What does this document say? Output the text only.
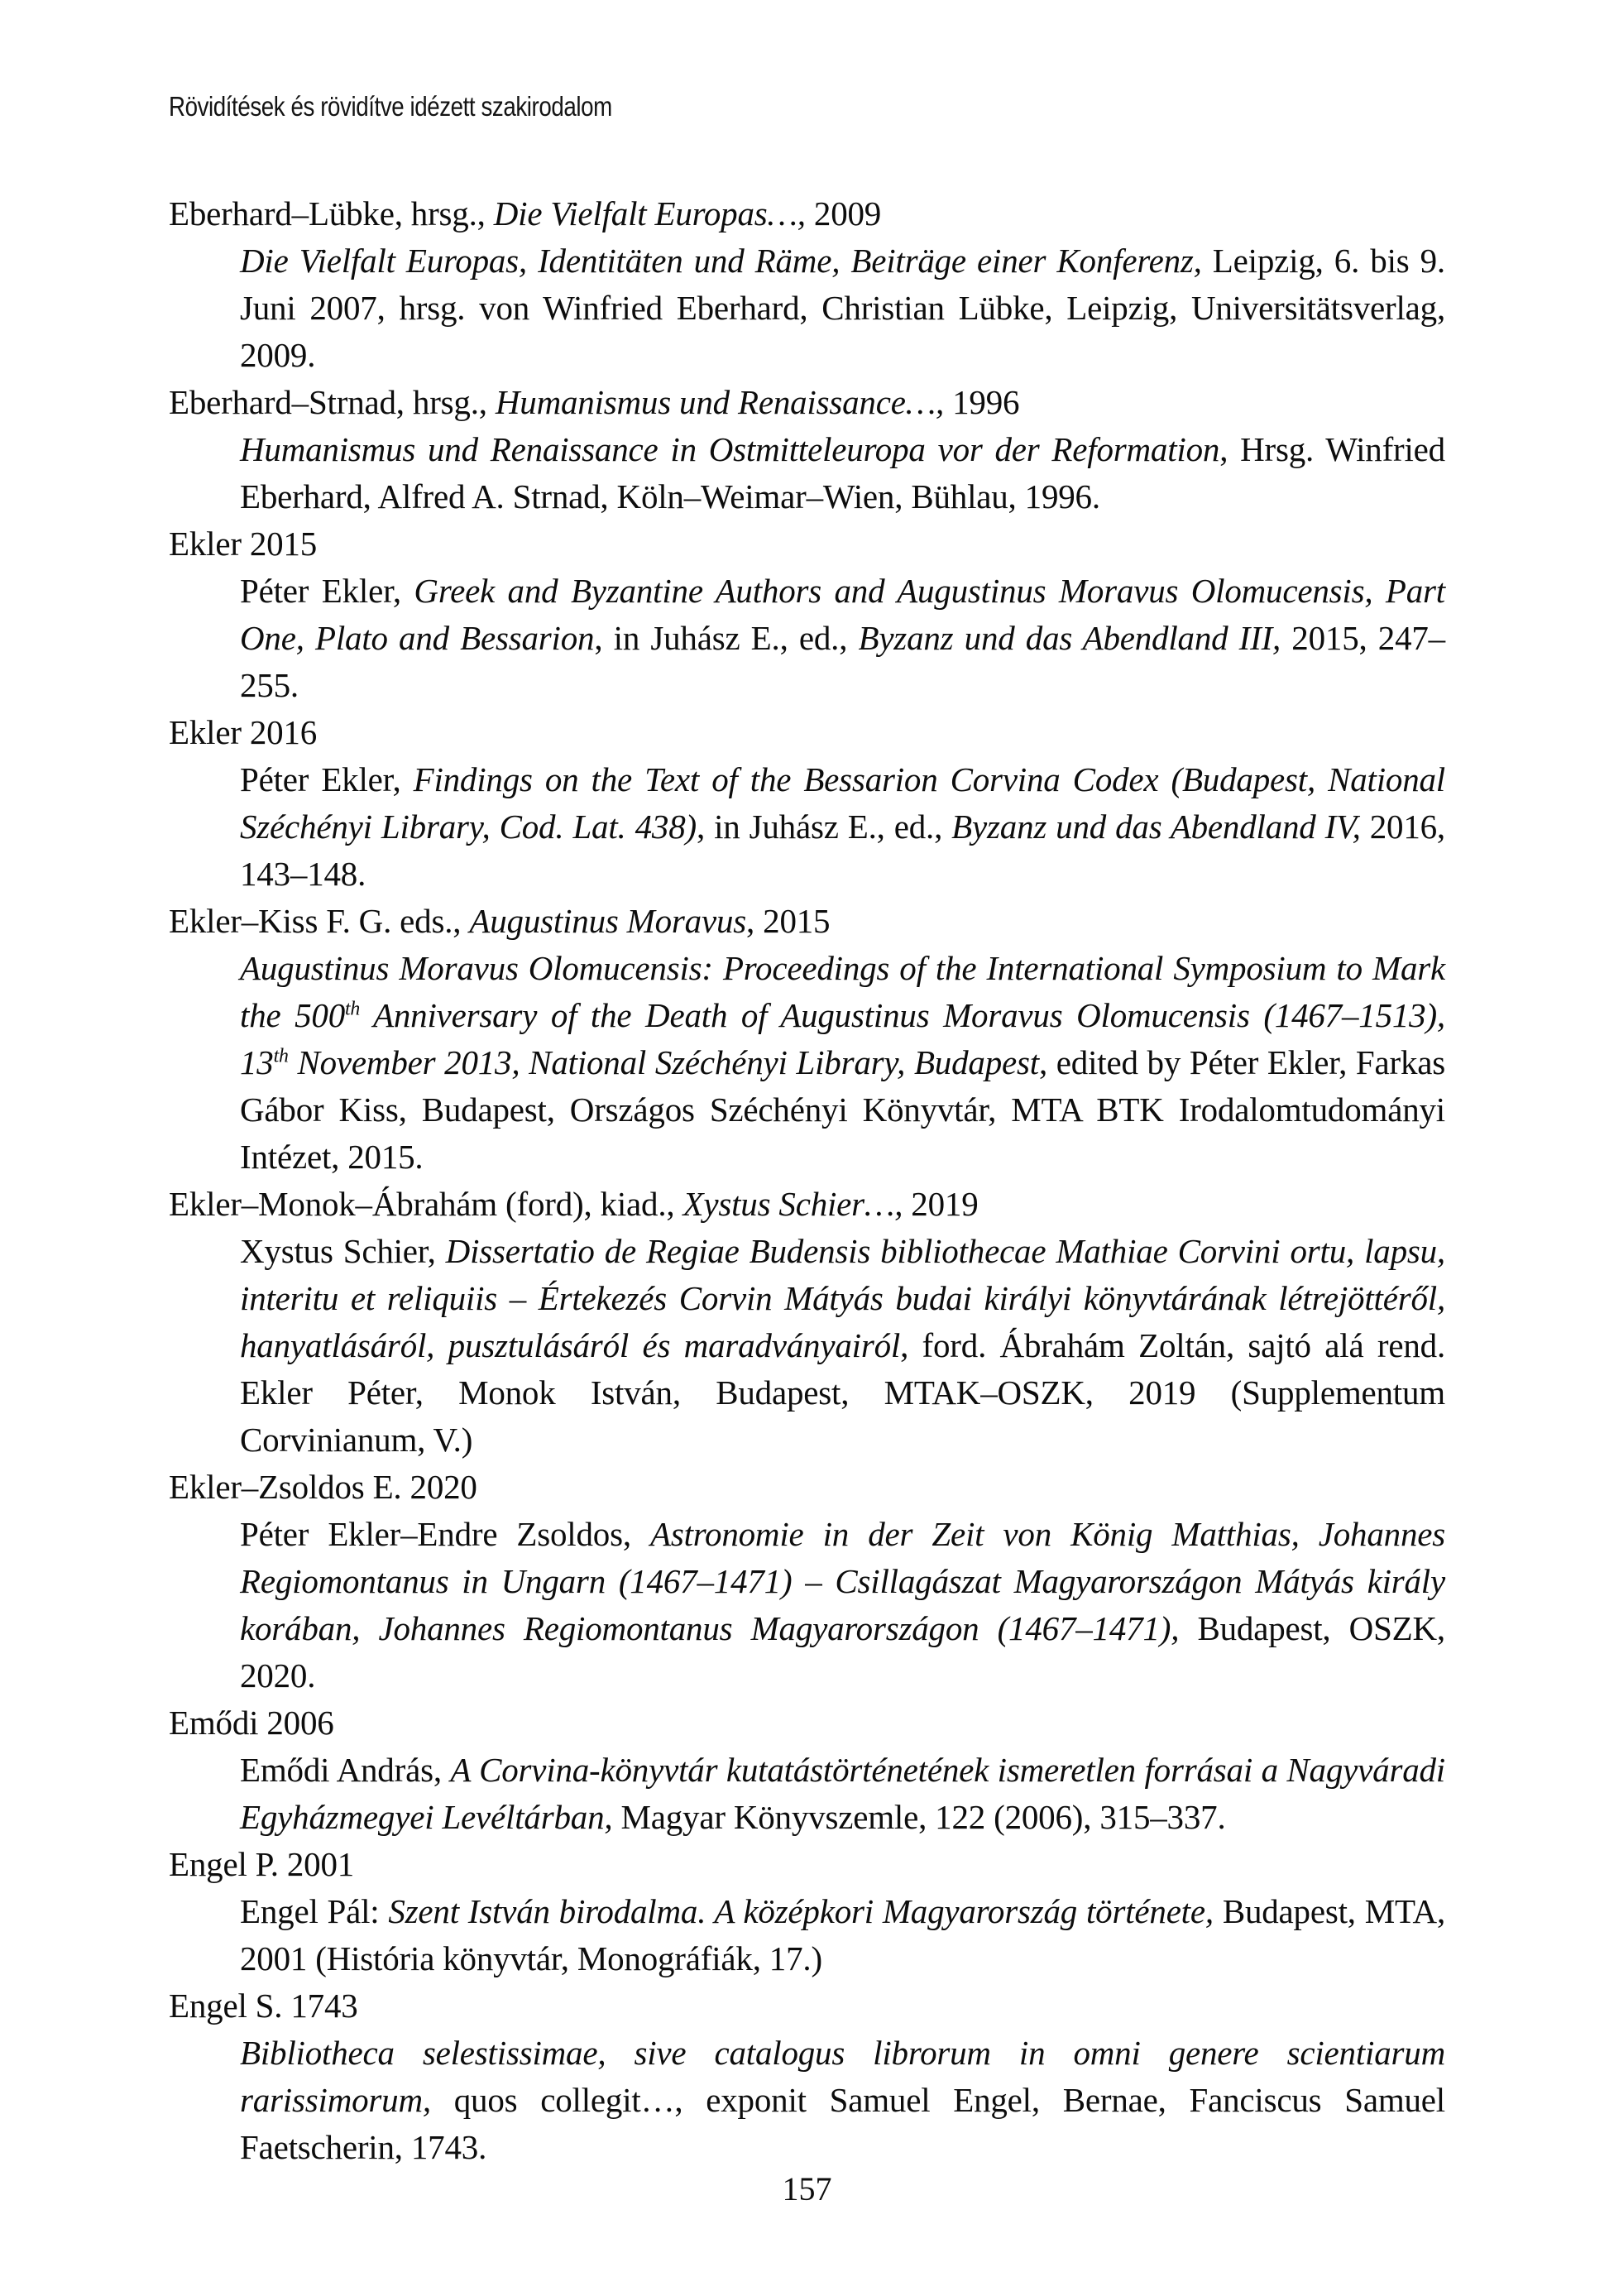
Rövidítések és rövidítve idézett szakirodalom
Eberhard–Lübke, hrsg., Die Vielfalt Europas…, 2009

Die Vielfalt Europas, Identitäten und Räme, Beiträge einer Konferenz, Leipzig, 6. bis 9. Juni 2007, hrsg. von Winfried Eberhard, Christian Lübke, Leipzig, Universitätsverlag, 2009.

Eberhard–Strnad, hrsg., Humanismus und Renaissance…, 1996

Humanismus und Renaissance in Ostmitteleuropa vor der Reformation, Hrsg. Winfried Eberhard, Alfred A. Strnad, Köln–Weimar–Wien, Bühlau, 1996.

Ekler 2015

Péter Ekler, Greek and Byzantine Authors and Augustinus Moravus Olomucensis, Part One, Plato and Bessarion, in Juhász E., ed., Byzanz und das Abendland III, 2015, 247–255.

Ekler 2016

Péter Ekler, Findings on the Text of the Bessarion Corvina Codex (Budapest, National Széchényi Library, Cod. Lat. 438), in Juhász E., ed., Byzanz und das Abendland IV, 2016, 143–148.

Ekler–Kiss F. G. eds., Augustinus Moravus, 2015

Augustinus Moravus Olomucensis: Proceedings of the International Symposium to Mark the 500th Anniversary of the Death of Augustinus Moravus Olomucensis (1467–1513), 13th November 2013, National Széchényi Library, Budapest, edited by Péter Ekler, Farkas Gábor Kiss, Budapest, Országos Széchényi Könyvtár, MTA BTK Irodalomtudományi Intézet, 2015.

Ekler–Monok–Ábrahám (ford), kiad., Xystus Schier…, 2019

Xystus Schier, Dissertatio de Regiae Budensis bibliothecae Mathiae Corvini ortu, lapsu, interitu et reliquiis – Értekezés Corvin Mátyás budai királyi könyvtárának létrejöttéről, hanyatlásáról, pusztulásáról és maradványairól, ford. Ábrahám Zoltán, sajtó alá rend. Ekler Péter, Monok István, Budapest, MTAK–OSZK, 2019 (Supplementum Corvinianum, V.)

Ekler–Zsoldos E. 2020

Péter Ekler–Endre Zsoldos, Astronomie in der Zeit von König Matthias, Johannes Regiomontanus in Ungarn (1467–1471) – Csillagászat Magyarországon Mátyás király korában, Johannes Regiomontanus Magyarországon (1467–1471), Budapest, OSZK, 2020.

Emődi 2006

Emődi András, A Corvina-könyvtár kutatástörténetének ismeretlen forrásai a Nagyváradi Egyházmegyei Levéltárban, Magyar Könyvszemle, 122 (2006), 315–337.

Engel P. 2001

Engel Pál: Szent István birodalma. A középkori Magyarország története, Budapest, MTA, 2001 (História könyvtár, Monográfiák, 17.)

Engel S. 1743

Bibliotheca selestissimae, sive catalogus librorum in omni genere scientiarum rarissimorum, quos collegit…, exponit Samuel Engel, Bernae, Fanciscus Samuel Faetscherin, 1743.

157
